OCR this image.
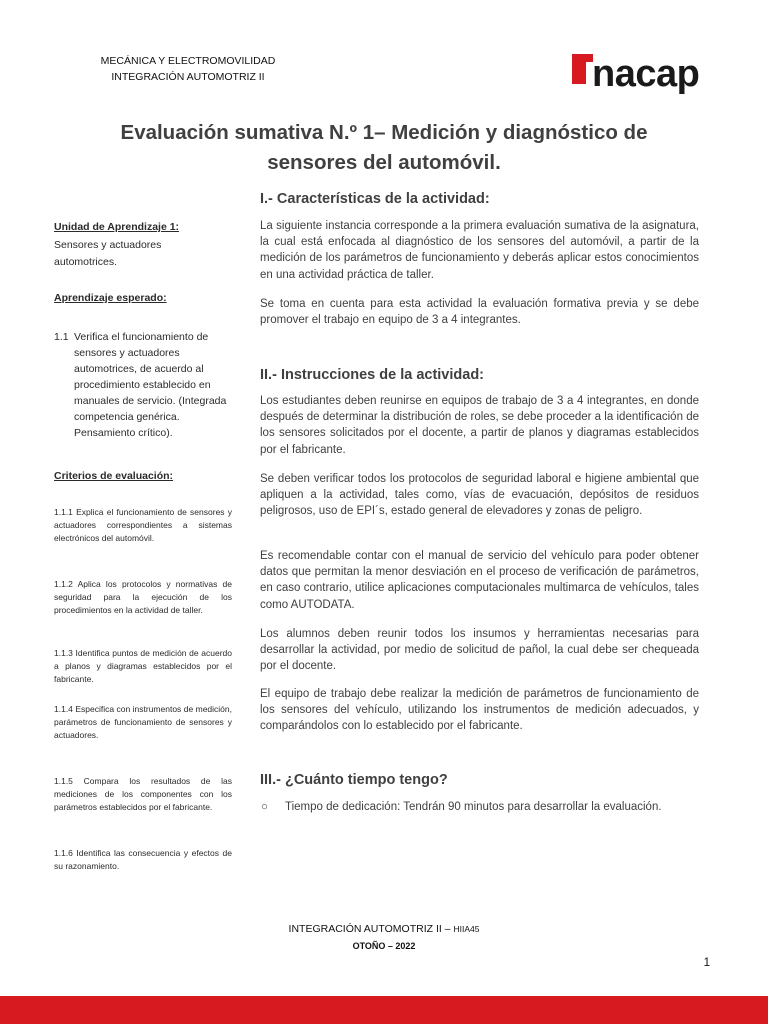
MECÁNICA Y ELECTROMOVILIDAD
INTEGRACIÓN AUTOMOTRIZ II	nacap
Evaluación sumativa N.º 1– Medición y diagnóstico de
sensores del automóvil.
Unidad de Aprendizaje 1:
Sensores y actuadores automotrices.
Aprendizaje esperado:
1.1 Verifica el funcionamiento de sensores y actuadores automotrices, de acuerdo al procedimiento establecido en manuales de servicio. (Integrada competencia genérica. Pensamiento crítico).
Criterios de evaluación:
1.1.1 Explica el funcionamiento de sensores y actuadores correspondientes a sistemas electrónicos del automóvil.
1.1.2 Aplica los protocolos y normativas de seguridad para la ejecución de los procedimientos en la actividad de taller.
1.1.3 Identifica puntos de medición de acuerdo a planos y diagramas establecidos por el fabricante.
1.1.4 Especifica con instrumentos de medición, parámetros de funcionamiento de sensores y actuadores.
1.1.5 Compara los resultados de las mediciones de los componentes con los parámetros establecidos por el fabricante.
1.1.6 Identifica las consecuencia y efectos de su razonamiento.
I.- Características de la actividad:

La siguiente instancia corresponde a la primera evaluación sumativa de la asignatura, la cual está enfocada al diagnóstico de los sensores del automóvil, a partir de la medición de los parámetros de funcionamiento y deberás aplicar estos conocimientos en una actividad práctica de taller.

Se toma en cuenta para esta actividad la evaluación formativa previa y se debe promover el trabajo en equipo de 3 a 4 integrantes.

II.- Instrucciones de la actividad:

Los estudiantes deben reunirse en equipos de trabajo de 3 a 4 integrantes, en donde después de determinar la distribución de roles, se debe proceder a la identificación de los sensores solicitados por el docente, a partir de planos y diagramas establecidos por el fabricante.

Se deben verificar todos los protocolos de seguridad laboral e higiene ambiental que apliquen a la actividad, tales como, vías de evacuación, depósitos de residuos peligrosos, uso de EPI´s, estado general de elevadores y zonas de peligro.

Es recomendable contar con el manual de servicio del vehículo para poder obtener datos que permitan la menor desviación en el proceso de verificación de parámetros, en caso contrario, utilice aplicaciones computacionales multimarca de vehículos, tales como AUTODATA.

Los alumnos deben reunir todos los insumos y herramientas necesarias para desarrollar la actividad, por medio de solicitud de pañol, la cual debe ser chequeada por el docente.

El equipo de trabajo debe realizar la medición de parámetros de funcionamiento de los sensores del vehículo, utilizando los instrumentos de medición adecuados, y comparándolos con lo establecido por el fabricante.

III.- ¿Cuánto tiempo tengo?
○	Tiempo de dedicación: Tendrán 90 minutos para desarrollar la evaluación.
INTEGRACIÓN AUTOMOTRIZ II – HIIA45
OTOÑO – 2022
1
